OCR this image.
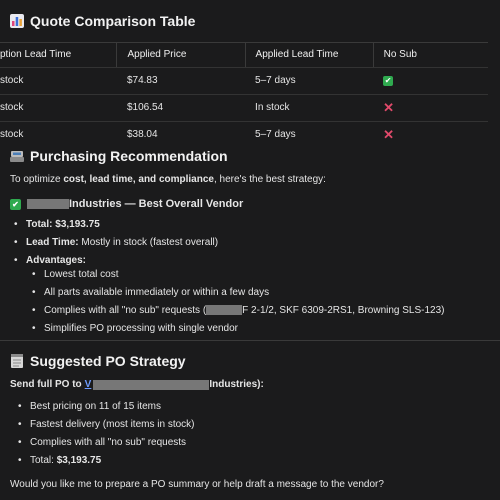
Quote Comparison Table
ption Lead Time	Applied Price	Applied Lead Time	No Sub
stock	$74.83	5–7 days	✔
stock	$106.54	In stock	✕
stock	$38.04	5–7 days	✕
Purchasing Recommendation
To optimize cost, lead time, and compliance, here's the best strategy:
✔	Industries — Best Overall Vendor
• Total: $3,193.75
• Lead Time: Mostly in stock (fastest overall)
• Advantages:
• Lowest total cost
• All parts available immediately or within a few days
• Complies with all "no sub" requests (	F 2-1/2, SKF 6309-2RS1, Browning SLS-123)
• Simplifies PO processing with single vendor
Suggested PO Strategy
Send full PO to V	Industries):
• Best pricing on 11 of 15 items
• Fastest delivery (most items in stock)
• Complies with all "no sub" requests
• Total: $3,193.75
Would you like me to prepare a PO summary or help draft a message to the vendor?
